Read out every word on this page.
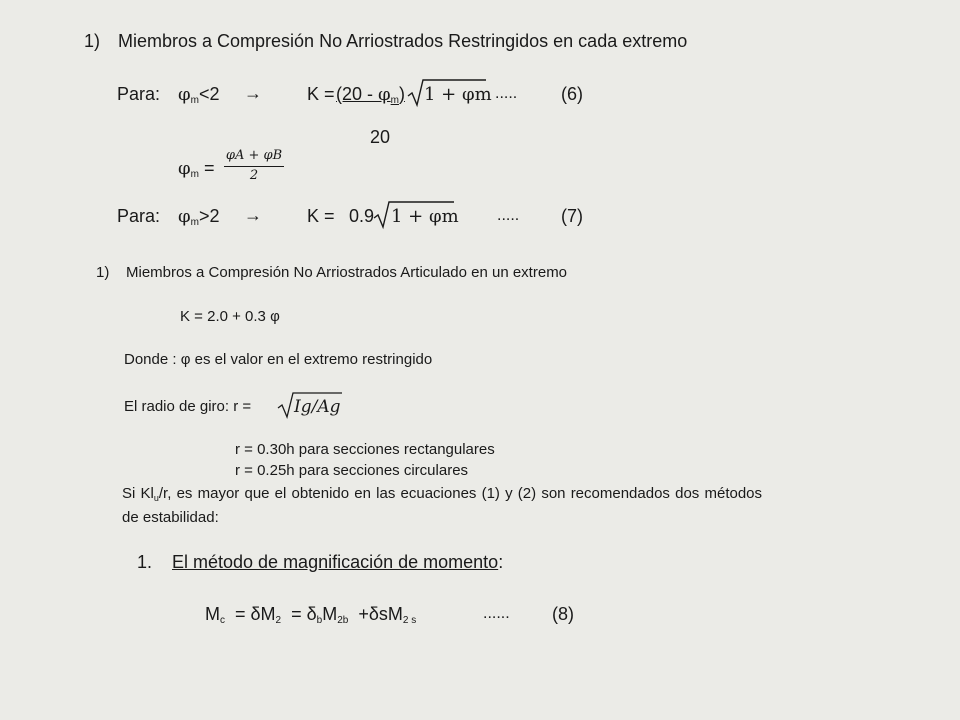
1) Miembros a Compresión No Arriostrados Restringidos en cada extremo
Para: $\varphi_m<2$ →	$K = (20 - \varphi_m)$ 1 + φm ..... (6)
20
$\varphi_m$ =
φA + φB
2
Para: $\varphi_m>2$ →	K = 0.9 1 + φm ..... (7)
1) Miembros a Compresión No Arriostrados Articulado en un extremo
K = 2.0 + 0.3 φ
Donde : φ es el valor en el extremo restringido
El radio de giro: r =	Ig/Ag
r = 0.30h para secciones rectangulares
r = 0.25h para secciones circulares
Si $Kl_u/r$, es mayor que el obtenido en las ecuaciones (1) y (2) son recomendados dos métodos de estabilidad:
1. El método de magnificación de momento:
$M_c = \delta M_2 = \delta_bM_{2b} +\delta sM_{2 s}$	...... (8)
